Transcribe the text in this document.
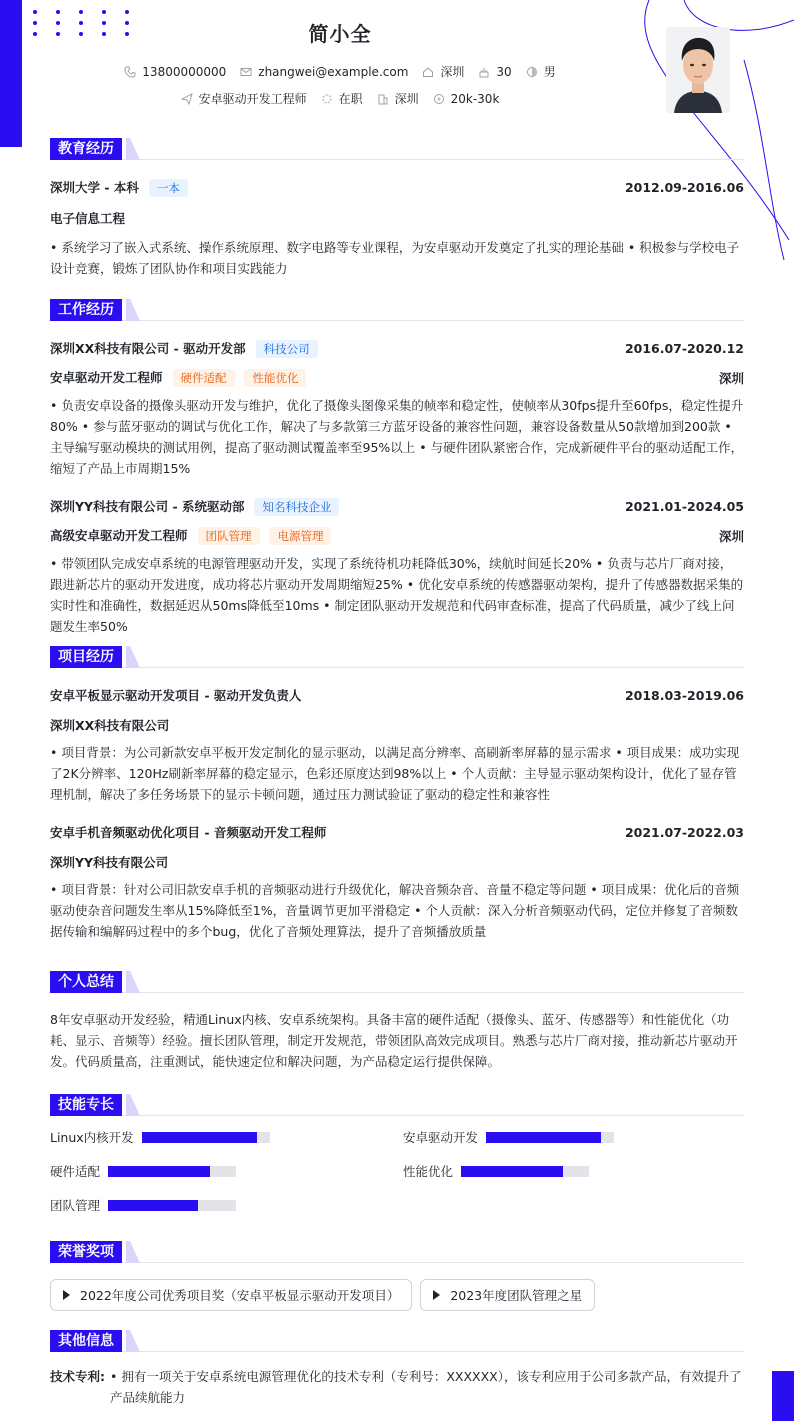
简小全
13800000000	zhangwei@example.com	深圳	30	男
安卓驱动开发工程师	在职	深圳	20k-30k
教育经历
深圳大学 - 本科 一本	2012.09-2016.06
电子信息工程
• 系统学习了嵌入式系统、操作系统原理、数字电路等专业课程，为安卓驱动开发奠定了扎实的理论基础 • 积极参与学校电子设计竞赛，锻炼了团队协作和项目实践能力
工作经历
深圳XX科技有限公司 - 驱动开发部 科技公司	2016.07-2020.12
安卓驱动开发工程师 硬件适配 性能优化	深圳
• 负责安卓设备的摄像头驱动开发与维护，优化了摄像头图像采集的帧率和稳定性，使帧率从30fps提升至60fps，稳定性提升80% • 参与蓝牙驱动的调试与优化工作，解决了与多款第三方蓝牙设备的兼容性问题，兼容设备数量从50款增加到200款 • 主导编写驱动模块的测试用例，提高了驱动测试覆盖率至95%以上 • 与硬件团队紧密合作，完成新硬件平台的驱动适配工作，缩短了产品上市周期15%
深圳YY科技有限公司 - 系统驱动部 知名科技企业	2021.01-2024.05
高级安卓驱动开发工程师 团队管理 电源管理	深圳
• 带领团队完成安卓系统的电源管理驱动开发，实现了系统待机功耗降低30%，续航时间延长20% • 负责与芯片厂商对接，跟进新芯片的驱动开发进度，成功将芯片驱动开发周期缩短25% • 优化安卓系统的传感器驱动架构，提升了传感器数据采集的实时性和准确性，数据延迟从50ms降低至10ms • 制定团队驱动开发规范和代码审查标准，提高了代码质量，减少了线上问题发生率50%
项目经历
安卓平板显示驱动开发项目 - 驱动开发负责人	2018.03-2019.06
深圳XX科技有限公司
• 项目背景：为公司新款安卓平板开发定制化的显示驱动，以满足高分辨率、高刷新率屏幕的显示需求 • 项目成果：成功实现了2K分辨率、120Hz刷新率屏幕的稳定显示，色彩还原度达到98%以上 • 个人贡献：主导显示驱动架构设计，优化了显存管理机制，解决了多任务场景下的显示卡顿问题，通过压力测试验证了驱动的稳定性和兼容性
安卓手机音频驱动优化项目 - 音频驱动开发工程师	2021.07-2022.03
深圳YY科技有限公司
• 项目背景：针对公司旧款安卓手机的音频驱动进行升级优化，解决音频杂音、音量不稳定等问题 • 项目成果：优化后的音频驱动使杂音问题发生率从15%降低至1%，音量调节更加平滑稳定 • 个人贡献：深入分析音频驱动代码，定位并修复了音频数据传输和编解码过程中的多个bug，优化了音频处理算法，提升了音频播放质量
个人总结
8年安卓驱动开发经验，精通Linux内核、安卓系统架构。具备丰富的硬件适配（摄像头、蓝牙、传感器等）和性能优化（功耗、显示、音频等）经验。擅长团队管理，制定开发规范，带领团队高效完成项目。熟悉与芯片厂商对接，推动新芯片驱动开发。代码质量高，注重测试，能快速定位和解决问题，为产品稳定运行提供保障。
技能专长
Linux内核开发	安卓驱动开发
硬件适配	性能优化
团队管理
荣誉奖项
2022年度公司优秀项目奖（安卓平板显示驱动开发项目）	2023年度团队管理之星
其他信息
技术专利: • 拥有一项关于安卓系统电源管理优化的技术专利（专利号：XXXXXX），该专利应用于公司多款产品，有效提升了产品续航能力
